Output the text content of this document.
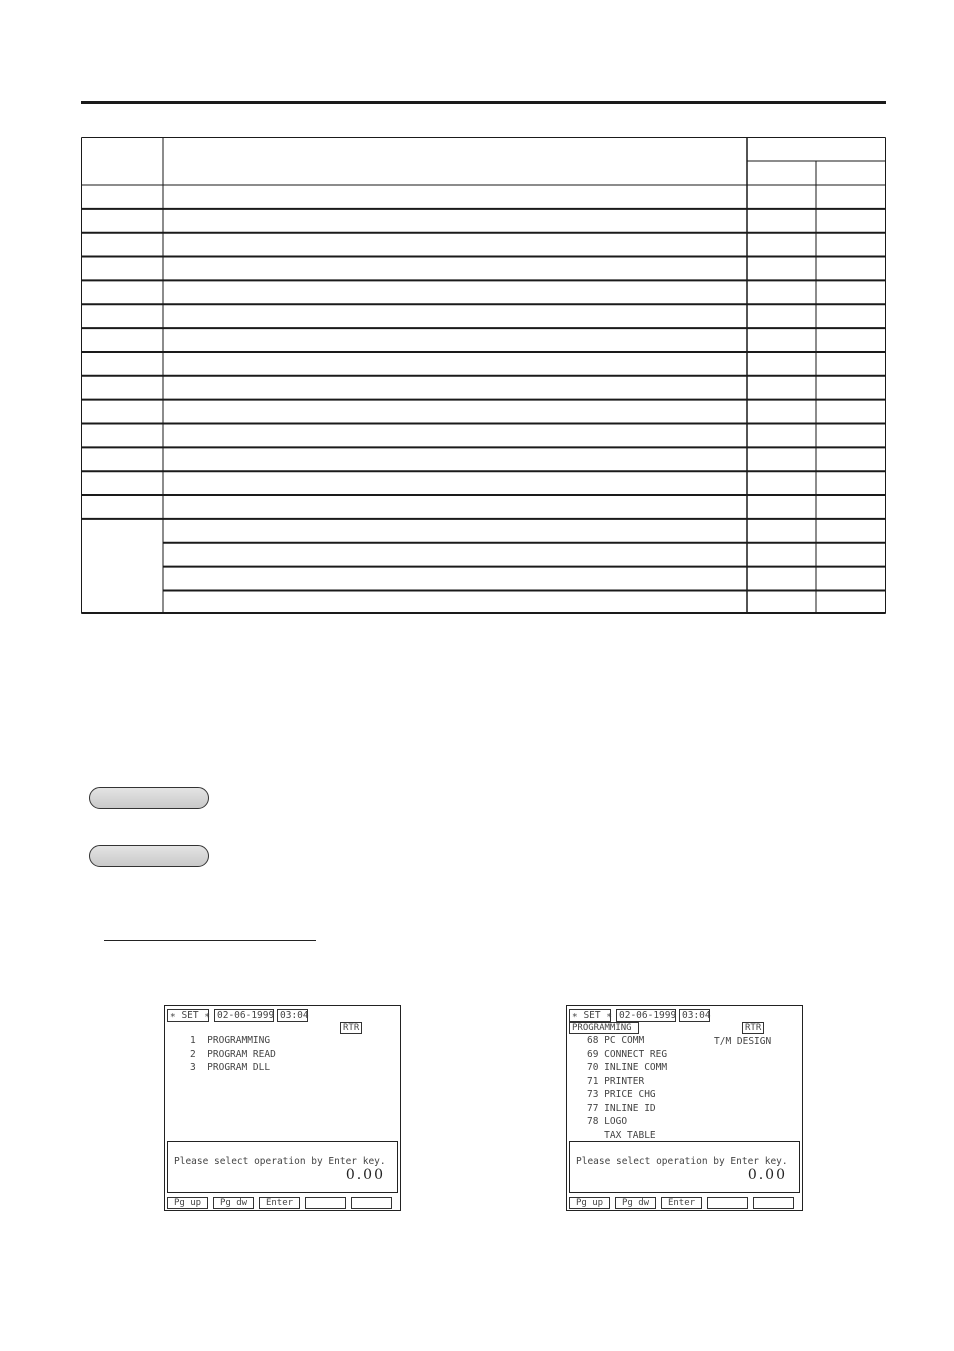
∗ SET ∗ 02-06-1999 03:04
RTR
1  PROGRAMMING
2  PROGRAM READ
3  PROGRAM DLL
Please select operation by Enter key.
0.00
Pg up	Pg dw	Enter
∗ SET ∗ 02-06-1999 03:04
PROGRAMMING	RTR
T/M DESIGN
68 PC COMM
69 CONNECT REG
70 INLINE COMM
71 PRINTER
73 PRICE CHG
77 INLINE ID
78 LOGO
TAX TABLE
Please select operation by Enter key.
0.00
Pg up	Pg dw	Enter
